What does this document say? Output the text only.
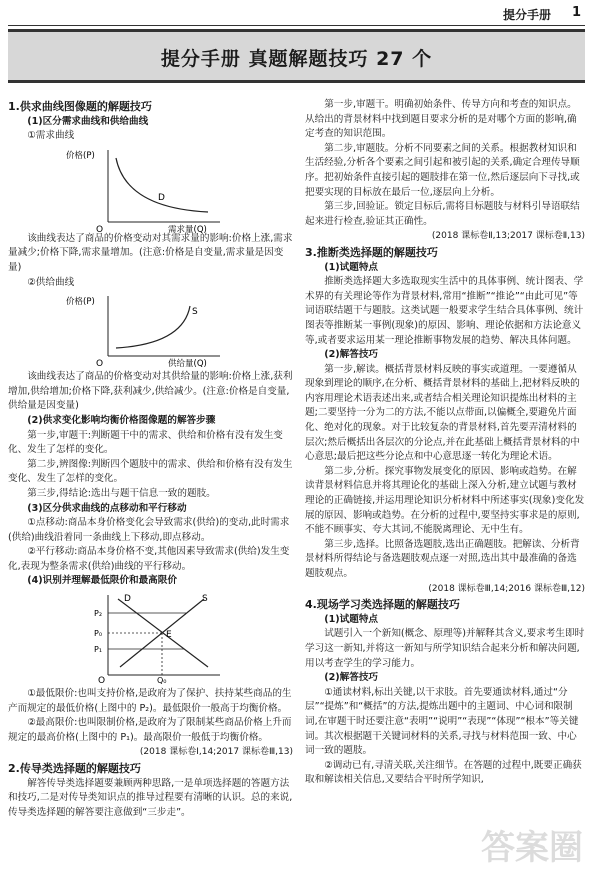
提分手册 1
提分手册 真题解题技巧 27 个
1.供求曲线图像题的解题技巧
(1)区分需求曲线和供给曲线
①需求曲线
价格(P)
需求量(Q)
D
O

该曲线表达了商品的价格变动对其需求量的影响:价格上涨,需求量减少;价格下降,需求量增加。(注意:价格是自变量,需求量是因变量)

②供给曲线
价格(P)
供给量(Q)
S
O

该曲线表达了商品的价格变动对其供给量的影响:价格上涨,获利增加,供给增加;价格下降,获利减少,供给减少。(注意:价格是自变量,供给量是因变量)

(2)供求变化影响均衡价格图像题的解答步骤

第一步,审题干:判断题干中的需求、供给和价格有没有发生变化、发生了怎样的变化。

第二步,辨图像:判断四个题肢中的需求、供给和价格有没有发生变化、发生了怎样的变化。

第三步,得结论:选出与题干信息一致的题肢。

(3)区分供求曲线的点移动和平行移动

①点移动:商品本身价格变化会导致需求(供给)的变动,此时需求(供给)曲线沿着同一条曲线上下移动,即点移动。

②平行移动:商品本身价格不变,其他因素导致需求(供给)发生变化,表现为整条需求(供给)曲线的平行移动。

(4)识别并理解最低限价和最高限价
D	S
P₂
P₀
P₁
E
Q₀
O

①最低限价:也叫支持价格,是政府为了保护、扶持某些商品的生产而规定的最低价格(上图中的 P₂)。最低限价一般高于均衡价格。

②最高限价:也叫限制价格,是政府为了限制某些商品价格上升而规定的最高价格(上图中的 P₁)。最高限价一般低于均衡价格。

(2018 课标卷Ⅰ,14;2017 课标卷Ⅲ,13)
2.传导类选择题的解题技巧

解答传导类选择题要兼顾两种思路,一是单项选择题的答题方法和技巧,二是对传导类知识点的推导过程要有清晰的认识。总的来说,传导类选择题的解答要注意做到“三步走”。

第一步,审题干。明确初始条件、传导方向和考查的知识点。从给出的背景材料中找到题目要求分析的是对哪个方面的影响,确定考查的知识范围。

第二步,审题肢。分析不同要素之间的关系。根据教材知识和生活经验,分析各个要素之间引起和被引起的关系,确定合理传导顺序。把初始条件直接引起的题肢排在第一位,然后逐层向下寻找,或把要实现的目标放在最后一位,逐层向上分析。

第三步,回验证。锁定目标后,需将目标题肢与材料引导语联结起来进行检查,验证其正确性。

(2018 课标卷Ⅱ,13;2017 课标卷Ⅱ,13)
3.推断类选择题的解题技巧
(1)试题特点

推断类选择题大多选取现实生活中的具体事例、统计图表、学术界的有关理论等作为背景材料,常用“推断”“推论”“由此可见”等词语联结题干与题肢。这类试题一般要求学生结合具体事例、统计图表等推断某一事例(现象)的原因、影响、理论依据和方法论意义等,或者要求运用某一理论推断事物发展的趋势、解决具体问题。

(2)解答技巧

第一步,解读。概括背景材料反映的事实或道理。一要遵循从现象到理论的顺序,在分析、概括背景材料的基础上,把材料反映的内容用理论术语表述出来,或者结合相关理论知识提炼出材料的主题;二要坚持一分为二的方法,不能以点带面,以偏概全,要避免片面化、绝对化的现象。对于比较复杂的背景材料,首先要弄清材料的层次;然后概括出各层次的分论点,并在此基础上概括背景材料的中心意思;最后把这些分论点和中心意思逐一转化为理论术语。

第二步,分析。探究事物发展变化的原因、影响或趋势。在解读背景材料信息并将其理论化的基础上深入分析,建立试题与教材理论的正确链接,并运用理论知识分析材料中所述事实(现象)变化发展的原因、影响或趋势。在分析的过程中,要坚持实事求是的原则,不能不顾事实、夸大其词,不能脱离理论、无中生有。

第三步,选择。比照备选题肢,选出正确题肢。把解读、分析背景材料所得结论与备选题肢观点逐一对照,选出其中最准确的备选题肢观点。

(2018 课标卷Ⅲ,14;2016 课标卷Ⅲ,12)
4.现场学习类选择题的解题技巧
(1)试题特点

试题引入一个新知(概念、原理等)并解释其含义,要求考生即时学习这一新知,并将这一新知与所学知识结合起来分析和解决问题,用以考查学生的学习能力。

(2)解答技巧

①通读材料,标出关键,以干求肢。首先要通读材料,通过“分层”“提炼”和“概括”的方法,提炼出题中的主题词、中心词和限制词,在审题干时还要注意“表明”“说明”“表现”“体现”“根本”等关键词。其次根据题干关键词材料的关系,寻找与材料范围一致、中心词一致的题肢。

②调动已有,寻清关联,关注细节。在答题的过程中,既要正确获取和解读相关信息,又要结合平时所学知识,

答案圈
